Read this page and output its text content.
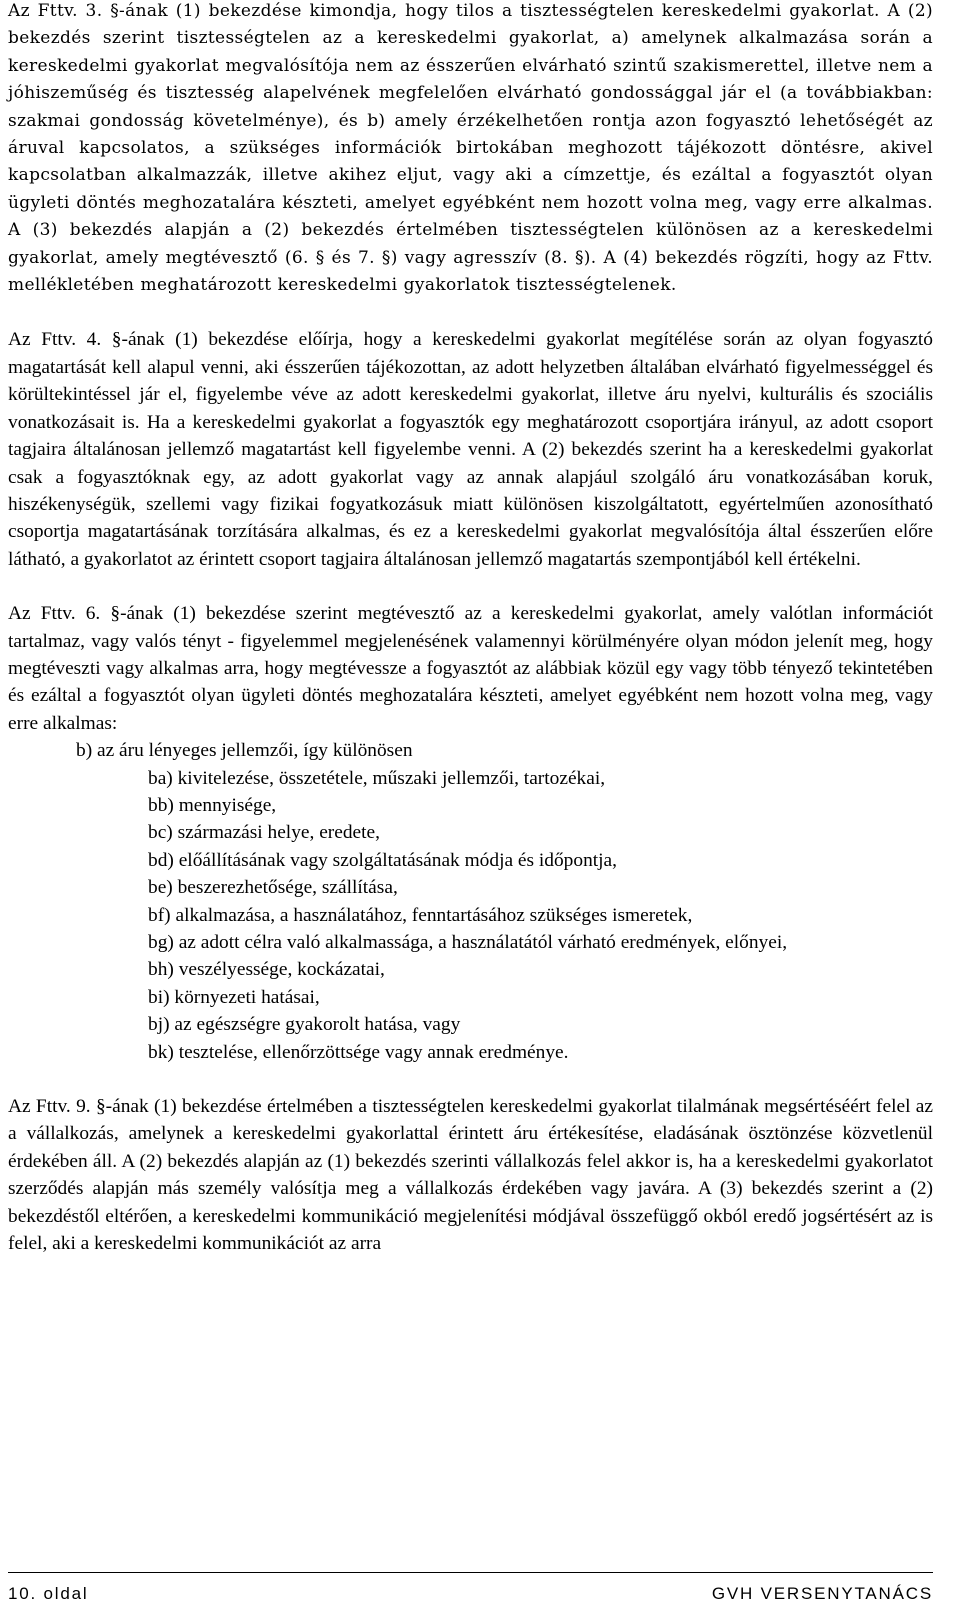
Az Fttv. 3. §-ának (1) bekezdése kimondja, hogy tilos a tisztességtelen kereskedelmi gyakorlat. A (2) bekezdés szerint tisztességtelen az a kereskedelmi gyakorlat, a) amelynek alkalmazása során a kereskedelmi gyakorlat megvalósítója nem az ésszerűen elvárható szintű szakismerettel, illetve nem a jóhiszeműség és tisztesség alapelvének megfelelően elvárható gondossággal jár el (a továbbiakban: szakmai gondosság követelménye), és b) amely érzékelhetően rontja azon fogyasztó lehetőségét az áruval kapcsolatos, a szükséges információk birtokában meghozott tájékozott döntésre, akivel kapcsolatban alkalmazzák, illetve akihez eljut, vagy aki a címzettje, és ezáltal a fogyasztót olyan ügyleti döntés meghozatalára készteti, amelyet egyébként nem hozott volna meg, vagy erre alkalmas. A (3) bekezdés alapján a (2) bekezdés értelmében tisztességtelen különösen az a kereskedelmi gyakorlat, amely megtévesztő (6. § és 7. §) vagy agresszív (8. §). A (4) bekezdés rögzíti, hogy az Fttv. mellékletében meghatározott kereskedelmi gyakorlatok tisztességtelenek.

Az Fttv. 4. §-ának (1) bekezdése előírja, hogy a kereskedelmi gyakorlat megítélése során az olyan fogyasztó magatartását kell alapul venni, aki ésszerűen tájékozottan, az adott helyzetben általában elvárható figyelmességgel és körültekintéssel jár el, figyelembe véve az adott kereskedelmi gyakorlat, illetve áru nyelvi, kulturális és szociális vonatkozásait is. Ha a kereskedelmi gyakorlat a fogyasztók egy meghatározott csoportjára irányul, az adott csoport tagjaira általánosan jellemző magatartást kell figyelembe venni. A (2) bekezdés szerint ha a kereskedelmi gyakorlat csak a fogyasztóknak egy, az adott gyakorlat vagy az annak alapjául szolgáló áru vonatkozásában koruk, hiszékenységük, szellemi vagy fizikai fogyatkozásuk miatt különösen kiszolgáltatott, egyértelműen azonosítható csoportja magatartásának torzítására alkalmas, és ez a kereskedelmi gyakorlat megvalósítója által ésszerűen előre látható, a gyakorlatot az érintett csoport tagjaira általánosan jellemző magatartás szempontjából kell értékelni.

Az Fttv. 6. §-ának (1) bekezdése szerint megtévesztő az a kereskedelmi gyakorlat, amely valótlan információt tartalmaz, vagy valós tényt - figyelemmel megjelenésének valamennyi körülményére olyan módon jelenít meg, hogy megtéveszti vagy alkalmas arra, hogy megtévessze a fogyasztót az alábbiak közül egy vagy több tényező tekintetében és ezáltal a fogyasztót olyan ügyleti döntés meghozatalára készteti, amelyet egyébként nem hozott volna meg, vagy erre alkalmas:

b) az áru lényeges jellemzői, így különösen
ba) kivitelezése, összetétele, műszaki jellemzői, tartozékai,
bb) mennyisége,
bc) származási helye, eredete,
bd) előállításának vagy szolgáltatásának módja és időpontja,
be) beszerezhetősége, szállítása,
bf) alkalmazása, a használatához, fenntartásához szükséges ismeretek,
bg) az adott célra való alkalmassága, a használatától várható eredmények, előnyei,
bh) veszélyessége, kockázatai,
bi) környezeti hatásai,
bj) az egészségre gyakorolt hatása, vagy
bk) tesztelése, ellenőrzöttsége vagy annak eredménye.

Az Fttv. 9. §-ának (1) bekezdése értelmében a tisztességtelen kereskedelmi gyakorlat tilalmának megsértéséért felel az a vállalkozás, amelynek a kereskedelmi gyakorlattal érintett áru értékesítése, eladásának ösztönzése közvetlenül érdekében áll. A (2) bekezdés alapján az (1) bekezdés szerinti vállalkozás felel akkor is, ha a kereskedelmi gyakorlatot szerződés alapján más személy valósítja meg a vállalkozás érdekében vagy javára. A (3) bekezdés szerint a (2) bekezdéstől eltérően, a kereskedelmi kommunikáció megjelenítési módjával összefüggő okból eredő jogsértésért az is felel, aki a kereskedelmi kommunikációt az arra

10. oldal	GVH VERSENYTANÁCS
